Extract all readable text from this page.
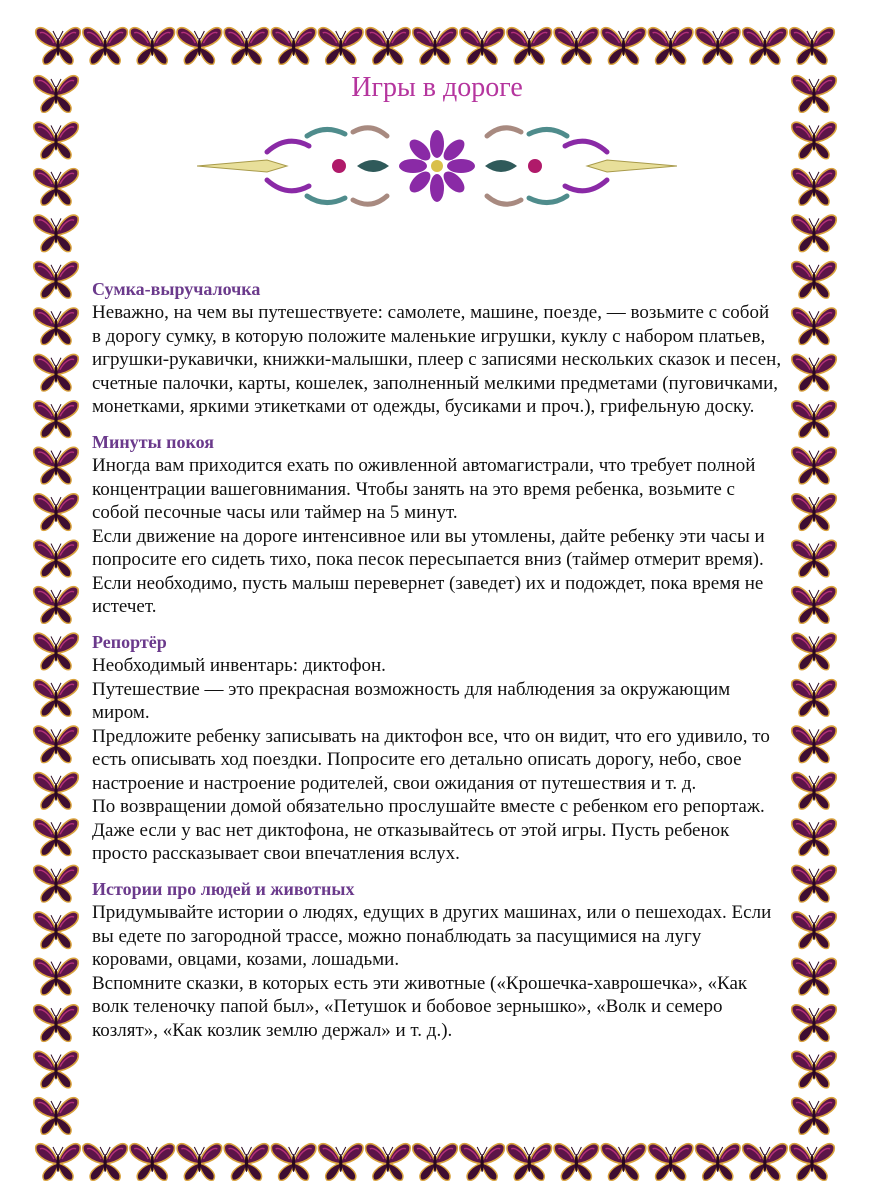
Игры в дороге

Сумка-выручалочка

Неважно, на чем вы путешествуете: самолете, машине, поезде, — возьмите с собой в дорогу сумку, в которую положите маленькие игрушки, куклу с набором платьев, игрушки-рукавички, книжки-малышки, плеер с записями нескольких сказок и песен, счетные палочки, карты, кошелек, заполненный мелкими предметами (пуговичками, монетками, яркими этикетками от одежды, бусиками и проч.), грифельную доску.

Минуты покоя

Иногда вам приходится ехать по оживленной автомагистрали, что требует полной концентрации вашеговнимания. Чтобы занять на это время ребенка, возьмите с собой песочные часы или таймер на 5 минут.

Если движение на дороге интенсивное или вы утомлены, дайте ребенку эти часы и попросите его сидеть тихо, пока песок пересыпается вниз (таймер отмерит время). Если необходимо, пусть малыш перевернет (заведет) их и подождет, пока время не истечет.

Репортёр

Необходимый инвентарь: диктофон.

Путешествие — это прекрасная возможность для наблюдения за окружающим миром.

Предложите ребенку записывать на диктофон все, что он видит, что его удивило, то есть описывать ход поездки. Попросите его детально описать дорогу, небо, свое настроение и настроение родителей, свои ожидания от путешествия и т. д.

По возвращении домой обязательно прослушайте вместе с ребенком его репортаж.

Даже если у вас нет диктофона, не отказывайтесь от этой игры. Пусть ребенок просто рассказывает свои впечатления вслух.

Истории про людей и животных

Придумывайте истории о людях, едущих в других машинах, или о пешеходах. Если вы едете по загородной трассе, можно понаблюдать за пасущимися на лугу коровами, овцами, козами, лошадьми.

Вспомните сказки, в которых есть эти животные («Крошечка-хаврошечка», «Как волк теленочку папой был», «Петушок и бобовое зернышко», «Волк и семеро козлят», «Как козлик землю держал» и т. д.).
